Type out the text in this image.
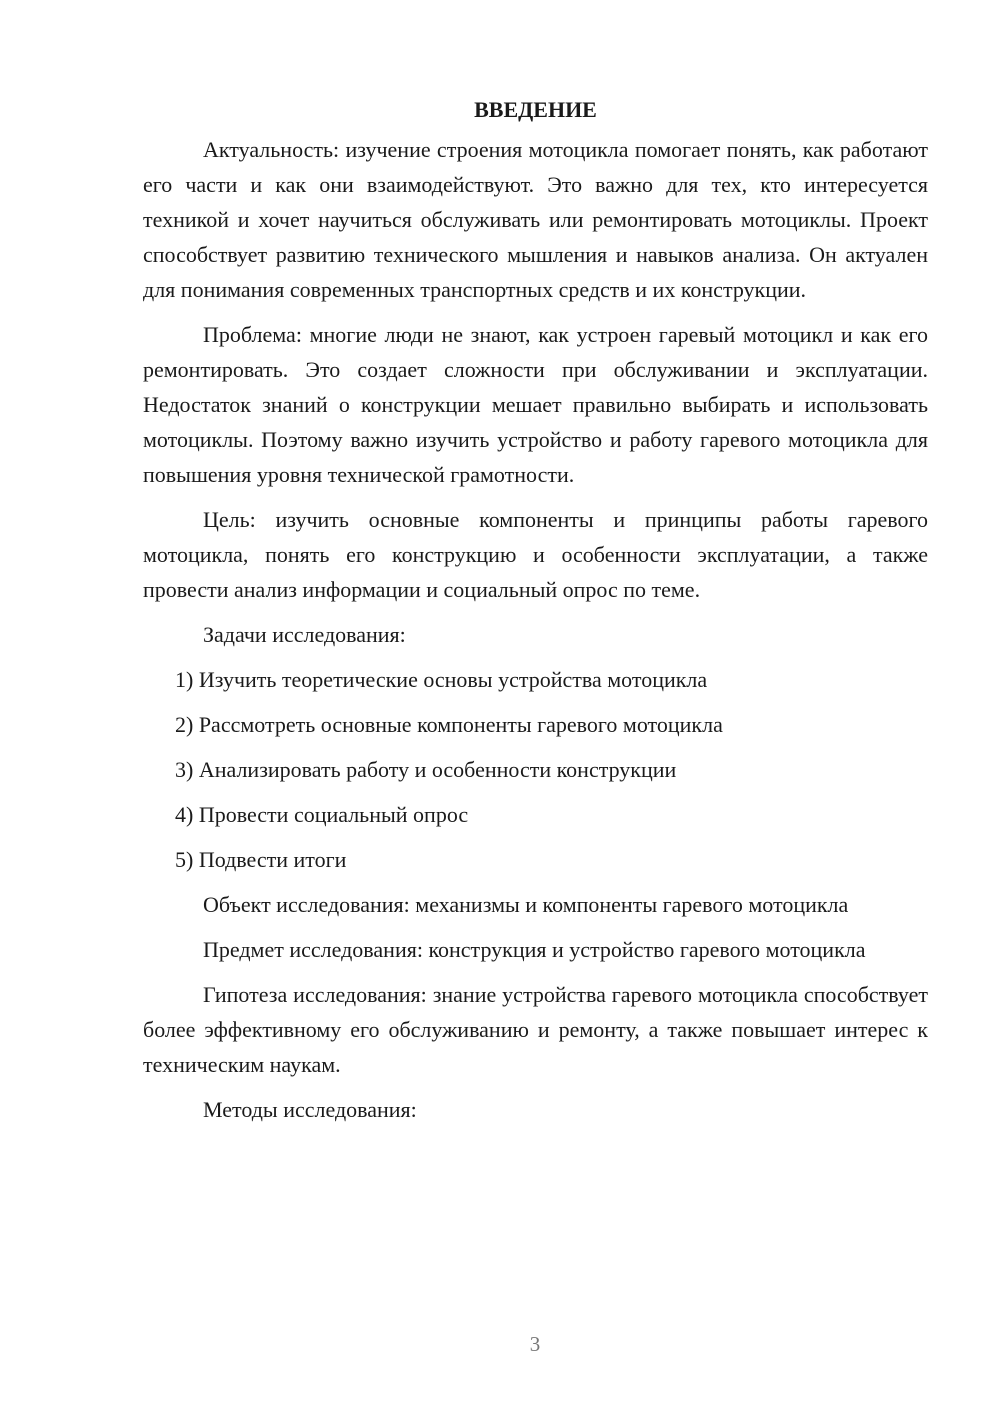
ВВЕДЕНИЕ

Актуальность: изучение строения мотоцикла помогает понять, как работают его части и как они взаимодействуют. Это важно для тех, кто интересуется техникой и хочет научиться обслуживать или ремонтировать мотоциклы. Проект способствует развитию технического мышления и навыков анализа. Он актуален для понимания современных транспортных средств и их конструкции.

Проблема: многие люди не знают, как устроен гаревый мотоцикл и как его ремонтировать. Это создает сложности при обслуживании и эксплуатации. Недостаток знаний о конструкции мешает правильно выбирать и использовать мотоциклы. Поэтому важно изучить устройство и работу гаревого мотоцикла для повышения уровня технической грамотности.

Цель: изучить основные компоненты и принципы работы гаревого мотоцикла, понять его конструкцию и особенности эксплуатации, а также провести анализ информации и социальный опрос по теме.

Задачи исследования:

1) Изучить теоретические основы устройства мотоцикла
2) Рассмотреть основные компоненты гаревого мотоцикла
3) Анализировать работу и особенности конструкции
4) Провести социальный опрос
5) Подвести итоги

Объект исследования: механизмы и компоненты гаревого мотоцикла

Предмет исследования: конструкция и устройство гаревого мотоцикла

Гипотеза исследования: знание устройства гаревого мотоцикла способствует более эффективному его обслуживанию и ремонту, а также повышает интерес к техническим наукам.

Методы исследования:

3
